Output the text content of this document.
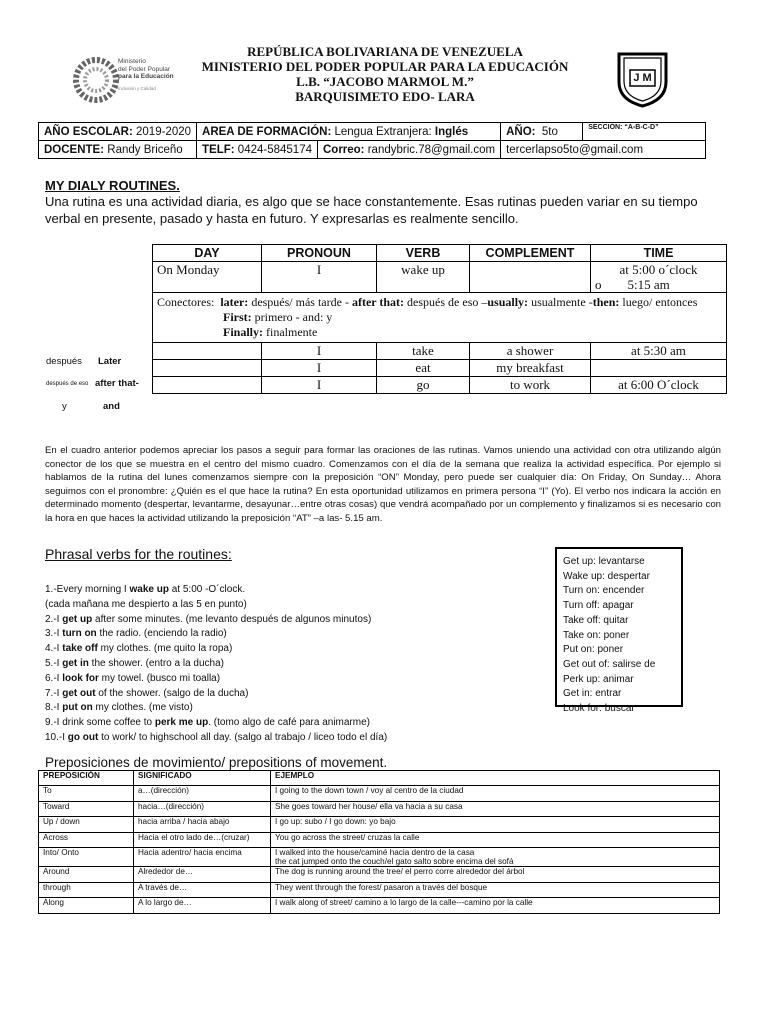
Ministerio
del Poder Popular
para la Educación
Inclusión y Calidad
J M
REPÚBLICA BOLIVARIANA DE VENEZUELA
MINISTERIO DEL PODER POPULAR PARA LA EDUCACIÓN
L.B. “JACOBO MARMOL M.”
BARQUISIMETO EDO- LARA
AÑO ESCOLAR: 2019-2020	AREA DE FORMACIÓN: Lengua Extranjera: Inglés	AÑO: 5to	SECCIÓN: “A-B-C-D”
DOCENTE: Randy Briceño	TELF: 0424-5845174	Correo: randybric.78@gmail.com
	tercerlapso5to@gmail.com
MY DIALY ROUTINES.
Una rutina es una actividad diaria, es algo que se hace constantemente. Esas rutinas pueden variar en su tiempo verbal en presente, pasado y hasta en futuro. Y expresarlas es realmente sencillo.
después Later
después de eso after that-
y	and
DAY	PRONOUN	VERB	COMPLEMENT	TIME
On Monday	I	wake up		at 5:00 o´clock
o 5:15 am

Conectores: later: después/ más tarde - after that: después de eso –usually: usualmente -then: luego/ entonces
First: primero - and: y
Finally: finalmente				

	I	take	a shower	at 5:30 am
	I	eat	my breakfast	
	I	go	to work	at 6:00 O´clock
En el cuadro anterior podemos apreciar los pasos a seguir para formar las oraciones de las rutinas. Vamos uniendo una actividad con otra utilizando algún conector de los que se muestra en el centro del mismo cuadro. Comenzamos con el día de la semana que realiza la actividad específica. Por ejemplo si hablamos de la rutina del lunes comenzamos siempre con la preposición “ON” Monday, pero puede ser cualquier día: On Friday, On Sunday… Ahora seguimos con el pronombre: ¿Quién es el que hace la rutina? En esta oportunidad utilizamos en primera persona “I” (Yo). El verbo nos indicara la acción en determinado momento (despertar, levantarme, desayunar…entre otras cosas) que vendrá acompañado por un complemento y finalizamos si es necesario con la hora en que haces la actividad utilizando la preposición “AT” –a las- 5.15 am.
Phrasal verbs for the routines:
1.-Every morning I wake up at 5:00 -O´clock.
(cada mañana me despierto a las 5 en punto)
2.-I get up after some minutes. (me levanto después de algunos minutos)
3.-I turn on the radio. (enciendo la radio)
4.-I take off my clothes. (me quito la ropa)
5.-I get in the shower. (entro a la ducha)
6.-I look for my towel. (busco mi toalla)
7.-I get out of the shower. (salgo de la ducha)
8.-I put on my clothes. (me visto)
9.-I drink some coffee to perk me up. (tomo algo de café para animarme)
10.-I go out to work/ to highschool all day. (salgo al trabajo / liceo todo el día)
Get up: levantarse
Wake up: despertar
Turn on: encender
Turn off: apagar
Take off: quitar
Take on: poner
Put on: poner
Get out of: salirse de
Perk up: animar
Get in: entrar
Look for: buscar
Preposiciones de movimiento/ prepositions of movement.
PREPOSICIÓN	SIGNIFICADO	EJEMPLO
To	a…(dirección)	I going to the down town / voy al centro de la ciudad
Toward	hacia…(dirección)	She goes toward her house/ ella va hacia a su casa
Up / down	hacia arriba / hacia abajo	I go up: subo / I go down: yo bajo
Across	Hacia el otro lado de…(cruzar)	You go across the street/ cruzas la calle
Into/ Onto	Hacia adentro/ hacia encima	I walked into the house/caminé hacia dentro de la casa
the cat jumped onto the couch/el gato salto sobre encima del sofá

Around	Alrededor de…	The dog is running around the tree/ el perro corre alrededor del árbol
through	A través de…	They went through the forest/ pasaron a través del bosque
Along	A lo largo de…	I walk along of street/ camino a lo largo de la calle---camino por la calle
